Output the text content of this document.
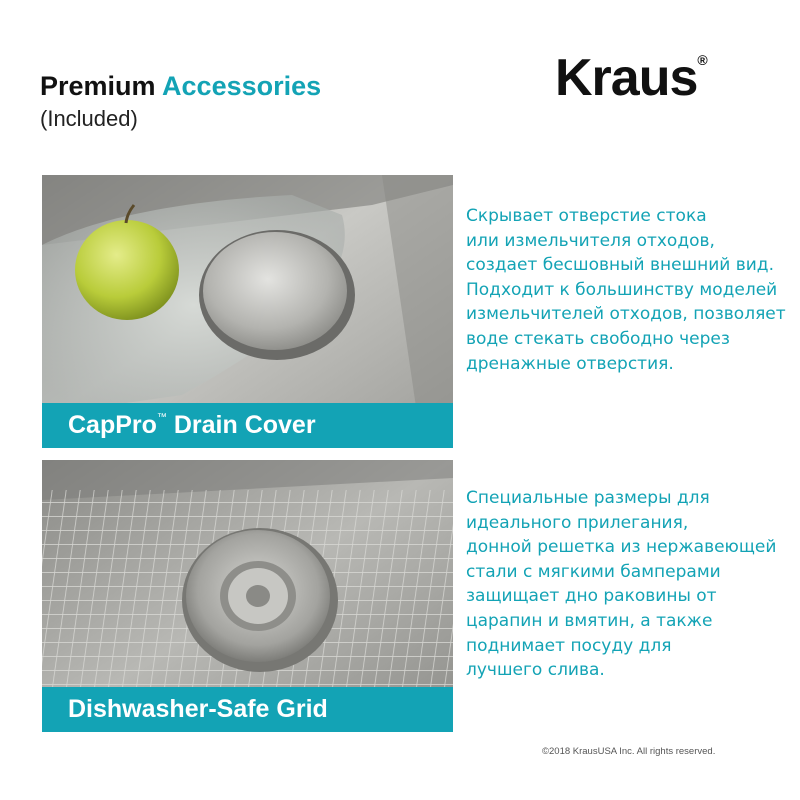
Premium Accessories
(Included)
Kraus®
CapPro™ Drain Cover
Скрывает отверстие стока
или измельчителя отходов,
создает бесшовный внешний вид.
Подходит к большинству моделей
измельчителей отходов, позволяет
воде стекать свободно через
дренажные отверстия.
Dishwasher-Safe Grid
Специальные размеры для
идеального прилегания,
донной решетка из нержавеющей
стали с мягкими бамперами
защищает дно раковины от
царапин и вмятин, а также
поднимает посуду для
лучшего слива.
©2018 KrausUSA Inc. All rights reserved.
